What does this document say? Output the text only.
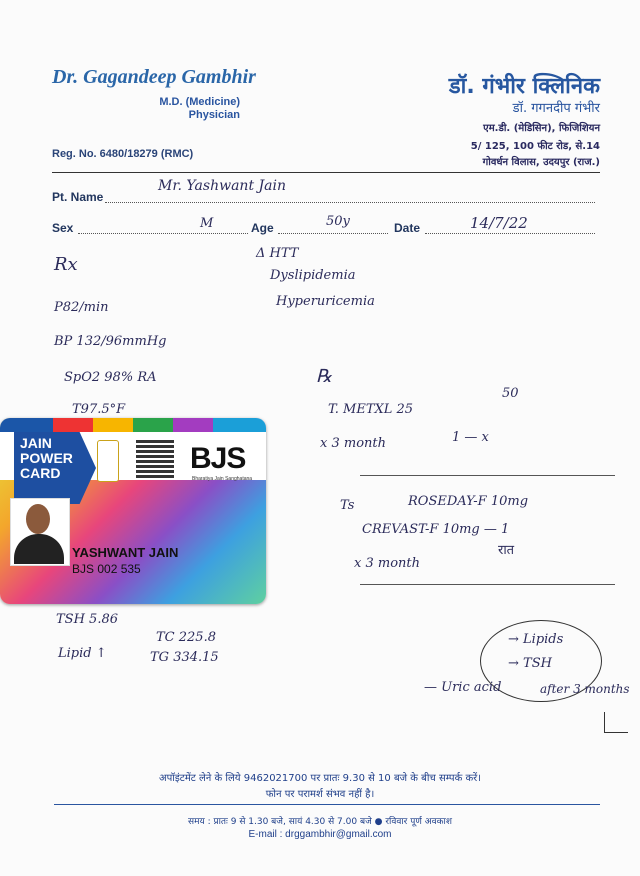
Dr. Gagandeep Gambhir
M.D. (Medicine)
Physician
डॉ. गंभीर क्लिनिक
डॉ. गगनदीप गंभीर
एम.डी. (मेडिसिन), फिजिशियन
5/ 125, 100 फीट रोड, से.14
गोवर्धन विलास, उदयपुर (राज.)
Reg. No. 6480/18279 (RMC)
Pt. Name
Mr. Yashwant Jain
Sex	M	Age	50y	Date	14/7/22
Rx
Δ HTT
Dyslipidemia
Hyperuricemia
P82/min
BP 132/96mmHg
SpO2 98% RA
T97.5°F
℞
T. METXL 25
50
1 — x
x 3 month
Ts	ROSEDAY-F 10mg
CREVAST-F 10mg — 1
रात
x 3 month
TSH 5.86
Lipid ↑
TC 225.8
TG 334.15
→ Lipids
→ TSH
— Uric acid	after 3 months
JAIN
POWER
CARD	BJS
Bharatiya Jain Sanghatana
YASHWANT JAIN
BJS 002 535
अपॉइंटमेंट लेने के लिये 9462021700 पर प्रातः 9.30 से 10 बजे के बीच सम्पर्क करें।
फोन पर परामर्श संभव नहीं है।
समय : प्रातः 9 से 1.30 बजे, सायं 4.30 से 7.00 बजे ● रविवार पूर्ण अवकाश
E-mail : drggambhir@gmail.com
